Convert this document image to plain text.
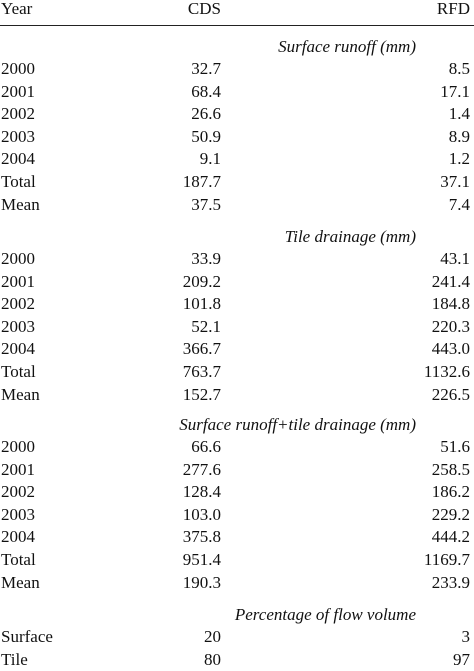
Year	CDS	RFD
Surface runoff (mm)
2000	32.7	8.5
2001	68.4	17.1
2002	26.6	1.4
2003	50.9	8.9
2004	9.1	1.2
Total	187.7	37.1
Mean	37.5	7.4
Tile drainage (mm)
2000	33.9	43.1
2001	209.2	241.4
2002	101.8	184.8
2003	52.1	220.3
2004	366.7	443.0
Total	763.7	1132.6
Mean	152.7	226.5
Surface runoff+tile drainage (mm)
2000	66.6	51.6
2001	277.6	258.5
2002	128.4	186.2
2003	103.0	229.2
2004	375.8	444.2
Total	951.4	1169.7
Mean	190.3	233.9
Percentage of flow volume
Surface	20	3
Tile	80	97
